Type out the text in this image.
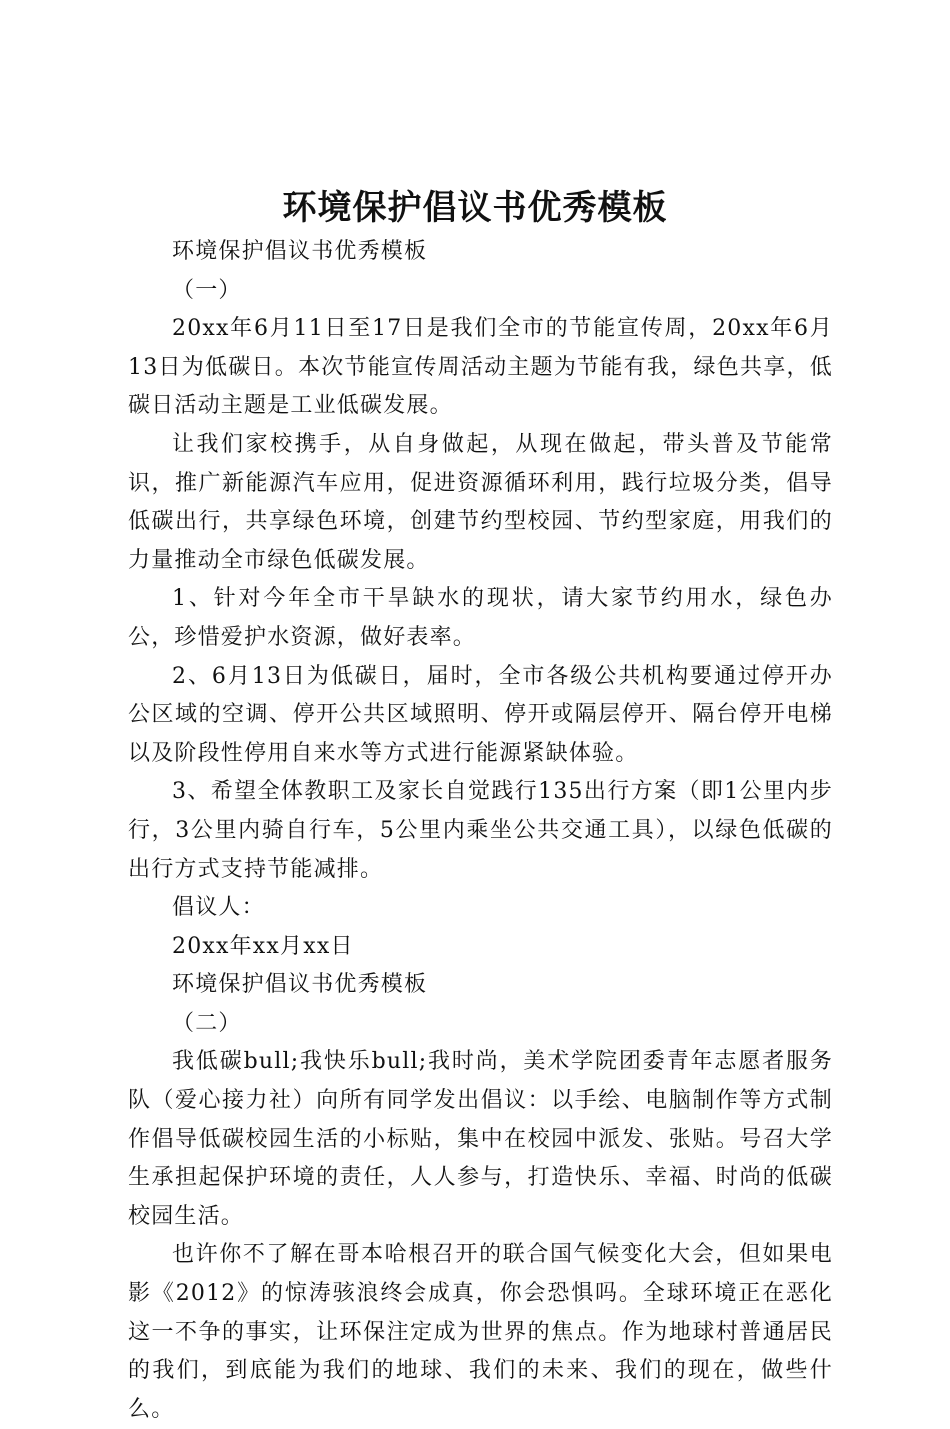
环境保护倡议书优秀模板

环境保护倡议书优秀模板

（一）

20xx年6月11日至17日是我们全市的节能宣传周，20xx年6月13日为低碳日。本次节能宣传周活动主题为节能有我，绿色共享，低碳日活动主题是工业低碳发展。

让我们家校携手，从自身做起，从现在做起，带头普及节能常识，推广新能源汽车应用，促进资源循环利用，践行垃圾分类，倡导低碳出行，共享绿色环境，创建节约型校园、节约型家庭，用我们的力量推动全市绿色低碳发展。

1、针对今年全市干旱缺水的现状，请大家节约用水，绿色办公，珍惜爱护水资源，做好表率。

2、6月13日为低碳日，届时，全市各级公共机构要通过停开办公区域的空调、停开公共区域照明、停开或隔层停开、隔台停开电梯以及阶段性停用自来水等方式进行能源紧缺体验。

3、希望全体教职工及家长自觉践行135出行方案（即1公里内步行，3公里内骑自行车，5公里内乘坐公共交通工具），以绿色低碳的出行方式支持节能减排。

倡议人：

20xx年xx月xx日

环境保护倡议书优秀模板

（二）

我低碳bull;我快乐bull;我时尚，美术学院团委青年志愿者服务队（爱心接力社）向所有同学发出倡议：以手绘、电脑制作等方式制作倡导低碳校园生活的小标贴，集中在校园中派发、张贴。号召大学生承担起保护环境的责任，人人参与，打造快乐、幸福、时尚的低碳校园生活。

也许你不了解在哥本哈根召开的联合国气候变化大会，但如果电影《2012》的惊涛骇浪终会成真，你会恐惧吗。全球环境正在恶化这一不争的事实，让环保注定成为世界的焦点。作为地球村普通居民的我们，到底能为我们的地球、我们的未来、我们的现在，做些什么。
